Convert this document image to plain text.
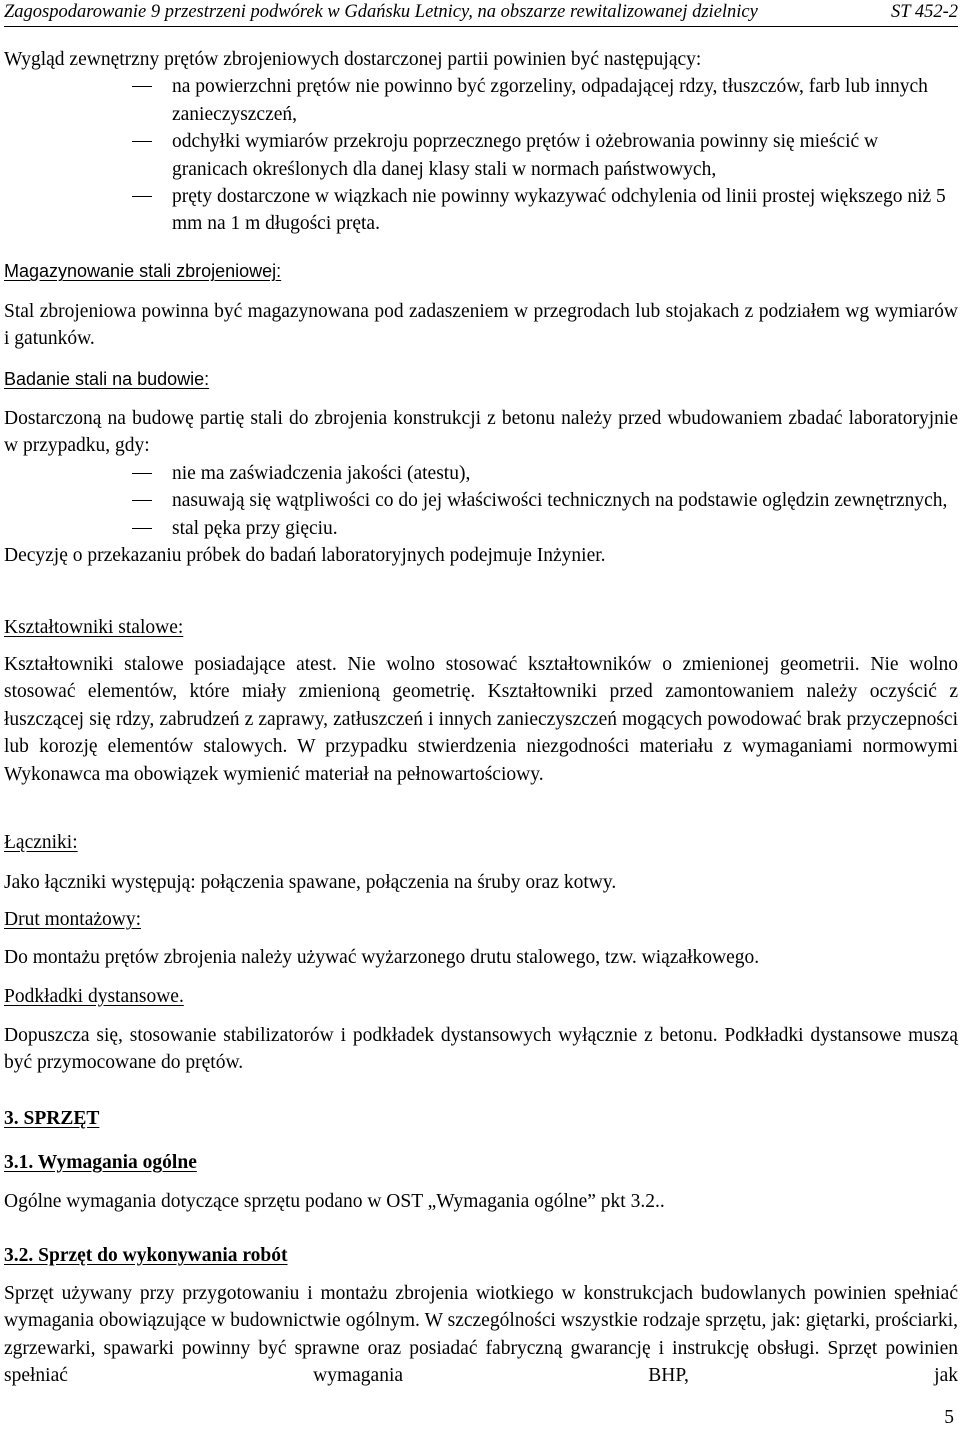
Zagospodarowanie 9 przestrzeni podwórek w Gdańsku Letnicy, na obszarze rewitalizowanej dzielnicy	ST 452-2

Wygląd zewnętrzny prętów zbrojeniowych dostarczonej partii powinien być następujący:

na powierzchni prętów nie powinno być zgorzeliny, odpadającej rdzy, tłuszczów, farb lub innych zanieczyszczeń,
odchyłki wymiarów przekroju poprzecznego prętów i ożebrowania powinny się mieścić w granicach określonych dla danej klasy stali w normach państwowych,
pręty dostarczone w wiązkach nie powinny wykazywać odchylenia od linii prostej większego niż 5 mm na 1 m długości pręta.

Magazynowanie stali zbrojeniowej:

Stal zbrojeniowa powinna być magazynowana pod zadaszeniem w przegrodach lub stojakach z podziałem wg wymiarów i gatunków.

Badanie stali na budowie:

Dostarczoną na budowę partię stali do zbrojenia konstrukcji z betonu należy przed wbudowaniem zbadać laboratoryjnie w przypadku, gdy:

nie ma zaświadczenia jakości (atestu),
nasuwają się wątpliwości co do jej właściwości technicznych na podstawie oględzin zewnętrznych,
stal pęka przy gięciu.

Decyzję o przekazaniu próbek do badań laboratoryjnych podejmuje Inżynier.

Kształtowniki stalowe:

Kształtowniki stalowe posiadające atest. Nie wolno stosować kształtowników o zmienionej geometrii. Nie wolno stosować elementów, które miały zmienioną geometrię. Kształtowniki przed zamontowaniem należy oczyścić z łuszczącej się rdzy, zabrudzeń z zaprawy, zatłuszczeń i innych zanieczyszczeń mogących powodować brak przyczepności lub korozję elementów stalowych. W przypadku stwierdzenia niezgodności materiału z wymaganiami normowymi Wykonawca ma obowiązek wymienić materiał na pełnowartościowy.

Łączniki:

Jako łączniki występują: połączenia spawane, połączenia na śruby oraz kotwy.

Drut montażowy:

Do montażu prętów zbrojenia należy używać wyżarzonego drutu stalowego, tzw. wiązałkowego.

Podkładki dystansowe.

Dopuszcza się, stosowanie stabilizatorów i podkładek dystansowych wyłącznie z betonu. Podkładki dystansowe muszą być przymocowane do prętów.

3. SPRZĘT

3.1. Wymagania ogólne

Ogólne wymagania dotyczące sprzętu podano w OST „Wymagania ogólne” pkt 3.2..

3.2. Sprzęt do wykonywania robót

Sprzęt używany przy przygotowaniu i montażu zbrojenia wiotkiego w konstrukcjach budowlanych powinien spełniać wymagania obowiązujące w budownictwie ogólnym. W szczególności wszystkie rodzaje sprzętu, jak: giętarki, prościarki, zgrzewarki, spawarki powinny być sprawne oraz posiadać fabryczną gwarancję i instrukcję obsługi. Sprzęt powinien spełniać wymagania BHP, jak

5
